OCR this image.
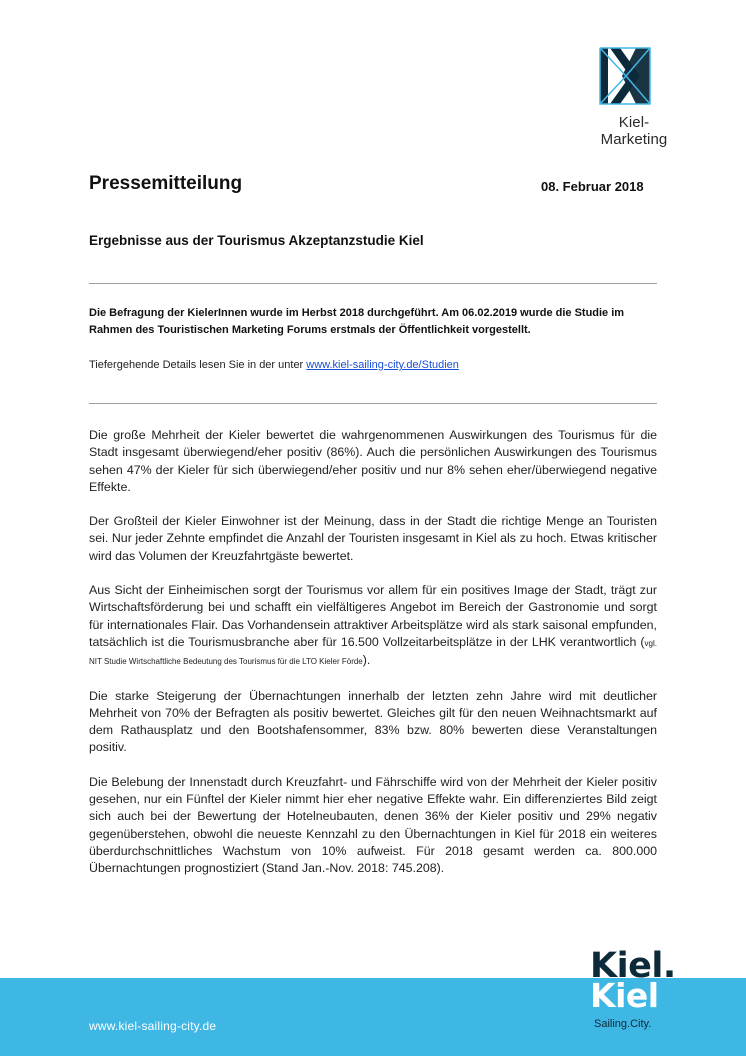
Kiel-Marketing
Pressemitteilung	08. Februar 2018
Ergebnisse aus der Tourismus Akzeptanzstudie Kiel
Die Befragung der KielerInnen wurde im Herbst 2018 durchgeführt. Am 06.02.2019 wurde die Studie im Rahmen des Touristischen Marketing Forums erstmals der Öffentlichkeit vorgestellt.
Tiefergehende Details lesen Sie in der unter www.kiel-sailing-city.de/Studien

Die große Mehrheit der Kieler bewertet die wahrgenommenen Auswirkungen des Tourismus für die Stadt insgesamt überwiegend/eher positiv (86%). Auch die persönlichen Auswirkungen des Tourismus sehen 47% der Kieler für sich überwiegend/eher positiv und nur 8% sehen eher/überwiegend negative Effekte.

Der Großteil der Kieler Einwohner ist der Meinung, dass in der Stadt die richtige Menge an Touristen sei. Nur jeder Zehnte empfindet die Anzahl der Touristen insgesamt in Kiel als zu hoch. Etwas kritischer wird das Volumen der Kreuzfahrtgäste bewertet.

Aus Sicht der Einheimischen sorgt der Tourismus vor allem für ein positives Image der Stadt, trägt zur Wirtschaftsförderung bei und schafft ein vielfältigeres Angebot im Bereich der Gastronomie und sorgt für internationales Flair. Das Vorhandensein attraktiver Arbeitsplätze wird als stark saisonal empfunden, tatsächlich ist die Tourismusbranche aber für 16.500 Vollzeitarbeitsplätze in der LHK verantwortlich (vgl. NIT Studie Wirtschaftliche Bedeutung des Tourismus für die LTO Kieler Förde).

Die starke Steigerung der Übernachtungen innerhalb der letzten zehn Jahre wird mit deutlicher Mehrheit von 70% der Befragten als positiv bewertet. Gleiches gilt für den neuen Weihnachtsmarkt auf dem Rathausplatz und den Bootshafensommer, 83% bzw. 80% bewerten diese Veranstaltungen positiv.

Die Belebung der Innenstadt durch Kreuzfahrt- und Fährschiffe wird von der Mehrheit der Kieler positiv gesehen, nur ein Fünftel der Kieler nimmt hier eher negative Effekte wahr. Ein differenziertes Bild zeigt sich auch bei der Bewertung der Hotelneubauten, denen 36% der Kieler positiv und 29% negativ gegenüberstehen, obwohl die neueste Kennzahl zu den Übernachtungen in Kiel für 2018 ein weiteres überdurchschnittliches Wachstum von 10% aufweist. Für 2018 gesamt werden ca. 800.000 Übernachtungen prognostiziert (Stand Jan.-Nov. 2018: 745.208).

www.kiel-sailing-city.de
Kiel.
Kiel
Sailing.City.
